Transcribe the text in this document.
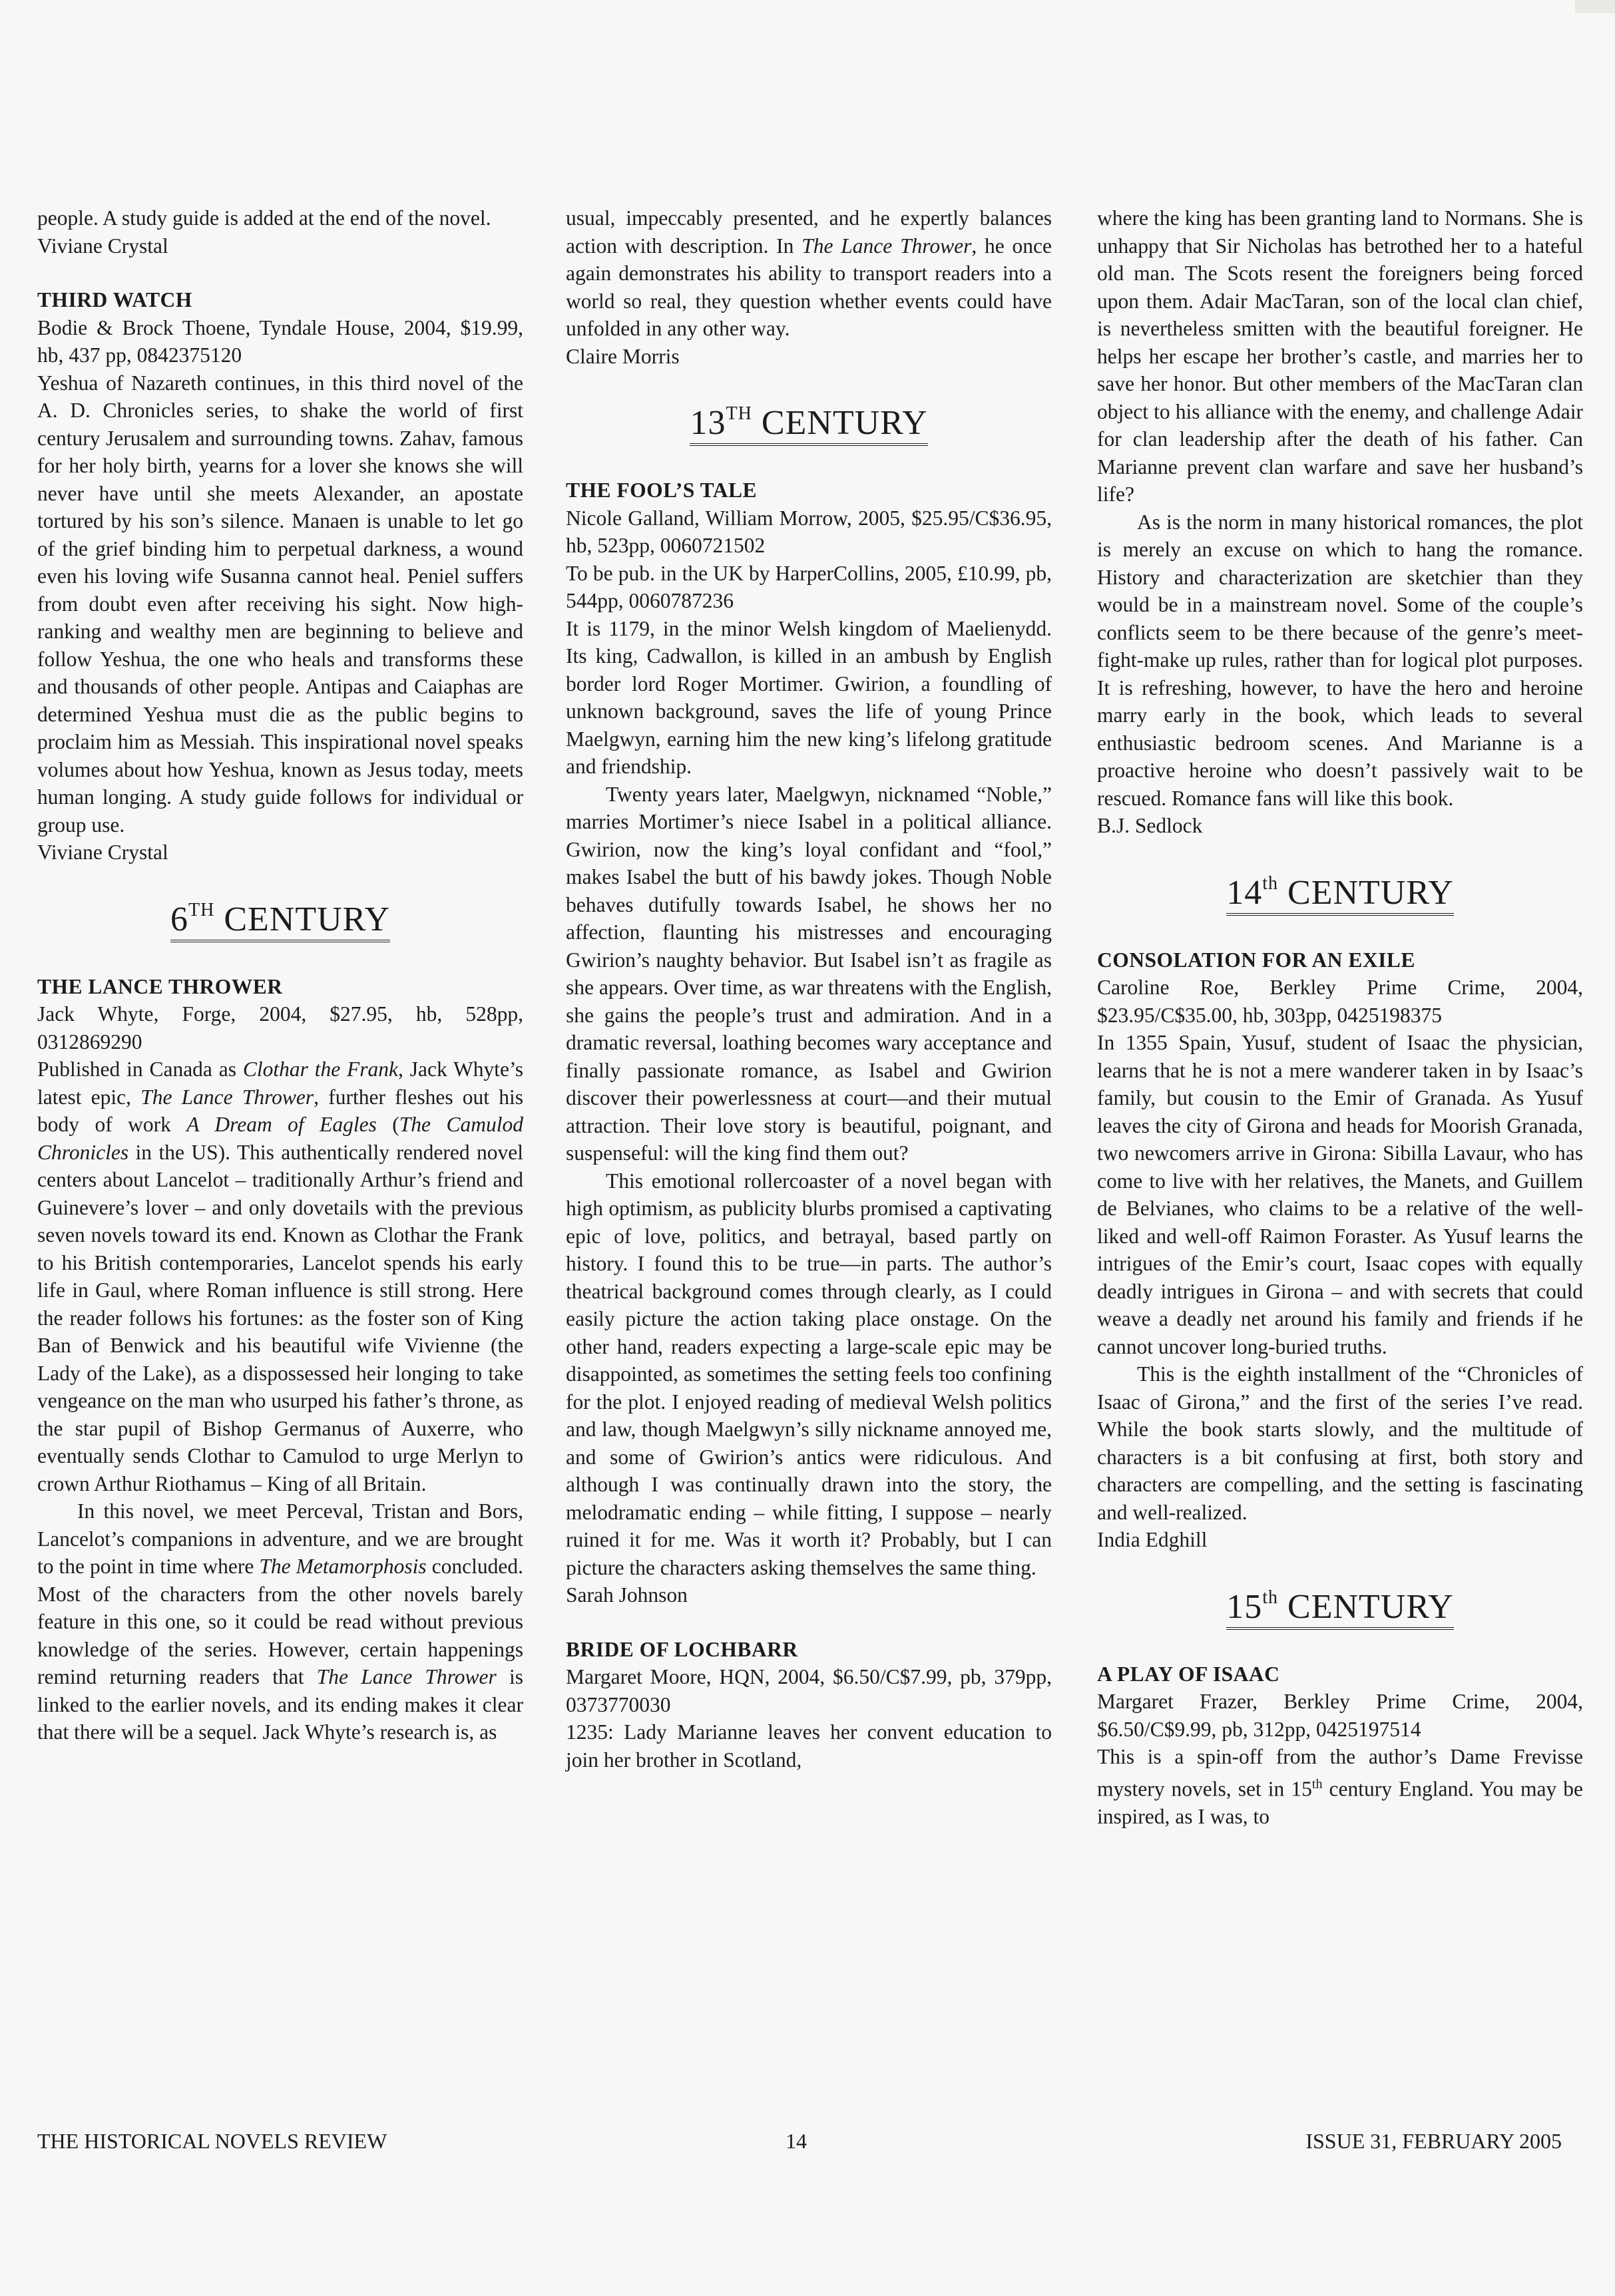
people. A study guide is added at the end of the novel.

Viviane Crystal

THIRD WATCH

Bodie & Brock Thoene, Tyndale House, 2004, $19.99, hb, 437 pp, 0842375120

Yeshua of Nazareth continues, in this third novel of the A. D. Chronicles series, to shake the world of first century Jerusalem and surrounding towns. Zahav, famous for her holy birth, yearns for a lover she knows she will never have until she meets Alexander, an apostate tortured by his son’s silence. Manaen is unable to let go of the grief binding him to perpetual darkness, a wound even his loving wife Susanna cannot heal. Peniel suffers from doubt even after receiving his sight. Now high-ranking and wealthy men are beginning to believe and follow Yeshua, the one who heals and transforms these and thousands of other people. Antipas and Caiaphas are determined Yeshua must die as the public begins to proclaim him as Messiah. This inspirational novel speaks volumes about how Yeshua, known as Jesus today, meets human longing. A study guide follows for individual or group use.

Viviane Crystal

6TH CENTURY

THE LANCE THROWER

Jack Whyte, Forge, 2004, $27.95, hb, 528pp, 0312869290

Published in Canada as Clothar the Frank, Jack Whyte’s latest epic, The Lance Thrower, further fleshes out his body of work A Dream of Eagles (The Camulod Chronicles in the US). This authentically rendered novel centers about Lancelot – traditionally Arthur’s friend and Guinevere’s lover – and only dovetails with the previous seven novels toward its end. Known as Clothar the Frank to his British contemporaries, Lancelot spends his early life in Gaul, where Roman influence is still strong. Here the reader follows his fortunes: as the foster son of King Ban of Benwick and his beautiful wife Vivienne (the Lady of the Lake), as a dispossessed heir longing to take vengeance on the man who usurped his father’s throne, as the star pupil of Bishop Germanus of Auxerre, who eventually sends Clothar to Camulod to urge Merlyn to crown Arthur Riothamus – King of all Britain.

In this novel, we meet Perceval, Tristan and Bors, Lancelot’s companions in adventure, and we are brought to the point in time where The Metamorphosis concluded. Most of the characters from the other novels barely feature in this one, so it could be read without previous knowledge of the series. However, certain happenings remind returning readers that The Lance Thrower is linked to the earlier novels, and its ending makes it clear that there will be a sequel. Jack Whyte’s research is, as

usual, impeccably presented, and he expertly balances action with description. In The Lance Thrower, he once again demonstrates his ability to transport readers into a world so real, they question whether events could have unfolded in any other way.

Claire Morris

13TH CENTURY

THE FOOL’S TALE

Nicole Galland, William Morrow, 2005, $25.95/C$36.95, hb, 523pp, 0060721502

To be pub. in the UK by HarperCollins, 2005, £10.99, pb, 544pp, 0060787236

It is 1179, in the minor Welsh kingdom of Maelienydd. Its king, Cadwallon, is killed in an ambush by English border lord Roger Mortimer. Gwirion, a foundling of unknown background, saves the life of young Prince Maelgwyn, earning him the new king’s lifelong gratitude and friendship.

Twenty years later, Maelgwyn, nicknamed “Noble,” marries Mortimer’s niece Isabel in a political alliance. Gwirion, now the king’s loyal confidant and “fool,” makes Isabel the butt of his bawdy jokes. Though Noble behaves dutifully towards Isabel, he shows her no affection, flaunting his mistresses and encouraging Gwirion’s naughty behavior. But Isabel isn’t as fragile as she appears. Over time, as war threatens with the English, she gains the people’s trust and admiration. And in a dramatic reversal, loathing becomes wary acceptance and finally passionate romance, as Isabel and Gwirion discover their powerlessness at court—and their mutual attraction. Their love story is beautiful, poignant, and suspenseful: will the king find them out?

This emotional rollercoaster of a novel began with high optimism, as publicity blurbs promised a captivating epic of love, politics, and betrayal, based partly on history. I found this to be true—in parts. The author’s theatrical background comes through clearly, as I could easily picture the action taking place onstage. On the other hand, readers expecting a large-scale epic may be disappointed, as sometimes the setting feels too confining for the plot. I enjoyed reading of medieval Welsh politics and law, though Maelgwyn’s silly nickname annoyed me, and some of Gwirion’s antics were ridiculous. And although I was continually drawn into the story, the melodramatic ending – while fitting, I suppose – nearly ruined it for me. Was it worth it? Probably, but I can picture the characters asking themselves the same thing.

Sarah Johnson

BRIDE OF LOCHBARR

Margaret Moore, HQN, 2004, $6.50/C$7.99, pb, 379pp, 0373770030

1235: Lady Marianne leaves her convent education to join her brother in Scotland,

where the king has been granting land to Normans. She is unhappy that Sir Nicholas has betrothed her to a hateful old man. The Scots resent the foreigners being forced upon them. Adair MacTaran, son of the local clan chief, is nevertheless smitten with the beautiful foreigner. He helps her escape her brother’s castle, and marries her to save her honor. But other members of the MacTaran clan object to his alliance with the enemy, and challenge Adair for clan leadership after the death of his father. Can Marianne prevent clan warfare and save her husband’s life?

As is the norm in many historical romances, the plot is merely an excuse on which to hang the romance. History and characterization are sketchier than they would be in a mainstream novel. Some of the couple’s conflicts seem to be there because of the genre’s meet-fight-make up rules, rather than for logical plot purposes. It is refreshing, however, to have the hero and heroine marry early in the book, which leads to several enthusiastic bedroom scenes. And Marianne is a proactive heroine who doesn’t passively wait to be rescued. Romance fans will like this book.

B.J. Sedlock

14th CENTURY

CONSOLATION FOR AN EXILE

Caroline Roe, Berkley Prime Crime, 2004, $23.95/C$35.00, hb, 303pp, 0425198375

In 1355 Spain, Yusuf, student of Isaac the physician, learns that he is not a mere wanderer taken in by Isaac’s family, but cousin to the Emir of Granada. As Yusuf leaves the city of Girona and heads for Moorish Granada, two newcomers arrive in Girona: Sibilla Lavaur, who has come to live with her relatives, the Manets, and Guillem de Belvianes, who claims to be a relative of the well-liked and well-off Raimon Foraster. As Yusuf learns the intrigues of the Emir’s court, Isaac copes with equally deadly intrigues in Girona – and with secrets that could weave a deadly net around his family and friends if he cannot uncover long-buried truths.

This is the eighth installment of the “Chronicles of Isaac of Girona,” and the first of the series I’ve read. While the book starts slowly, and the multitude of characters is a bit confusing at first, both story and characters are compelling, and the setting is fascinating and well-realized.

India Edghill

15th CENTURY

A PLAY OF ISAAC

Margaret Frazer, Berkley Prime Crime, 2004, $6.50/C$9.99, pb, 312pp, 0425197514

This is a spin-off from the author’s Dame Frevisse mystery novels, set in 15th century England. You may be inspired, as I was, to

THE HISTORICAL NOVELS REVIEW	14	ISSUE 31, FEBRUARY 2005
